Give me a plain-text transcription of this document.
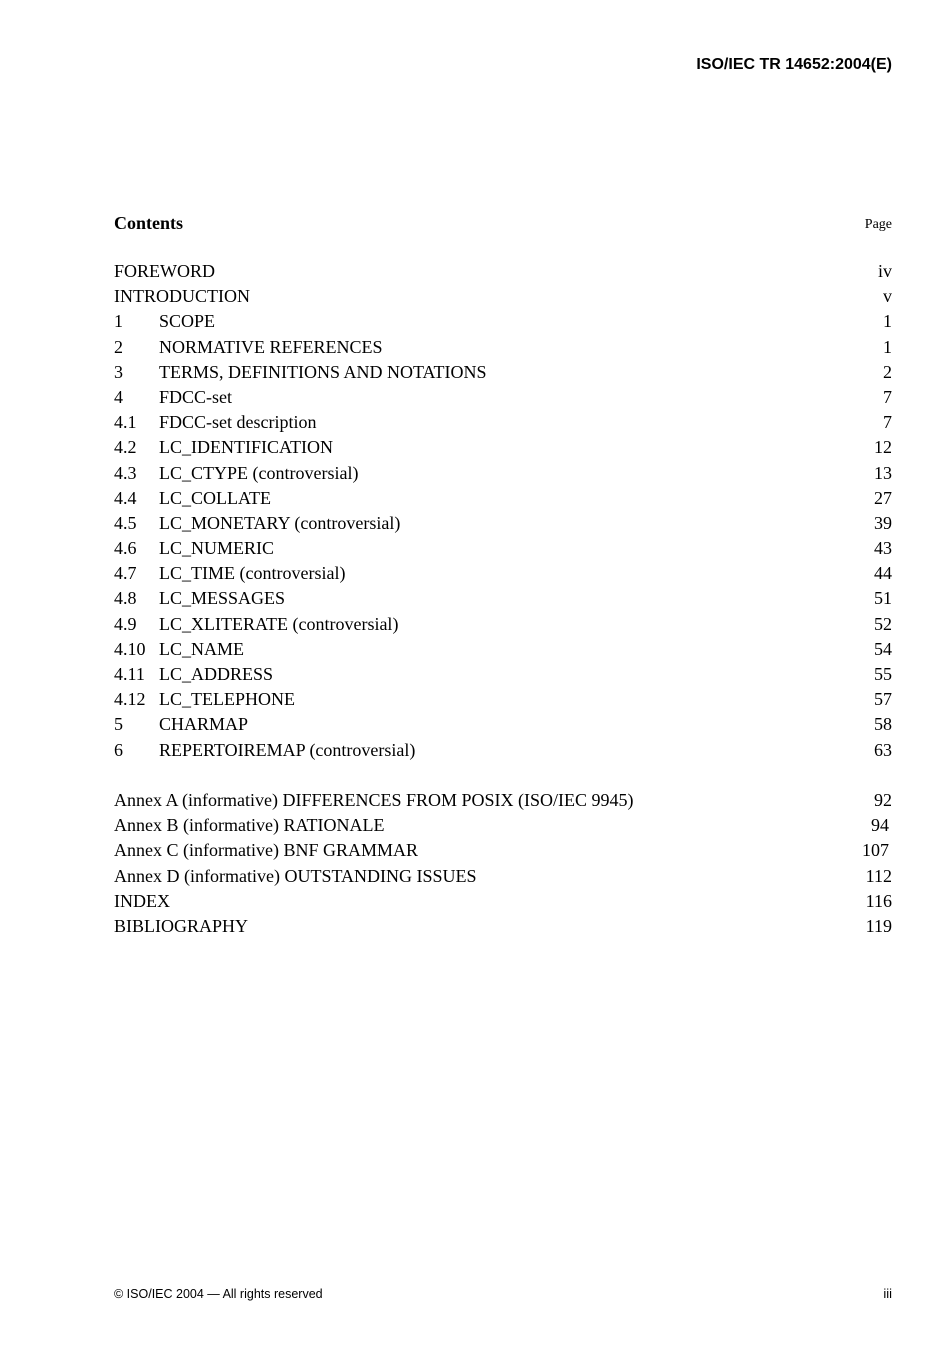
ISO/IEC TR 14652:2004(E)
Contents	Page
FOREWORD	iv
INTRODUCTION	v
1 SCOPE	1
2 NORMATIVE REFERENCES	1
3 TERMS, DEFINITIONS AND NOTATIONS	2
4 FDCC-set	7
4.1 FDCC-set description	7
4.2 LC_IDENTIFICATION	12
4.3 LC_CTYPE (controversial)	13
4.4 LC_COLLATE	27
4.5 LC_MONETARY (controversial)	39
4.6 LC_NUMERIC	43
4.7 LC_TIME (controversial)	44
4.8 LC_MESSAGES	51
4.9 LC_XLITERATE (controversial)	52
4.10 LC_NAME	54
4.11 LC_ADDRESS	55
4.12 LC_TELEPHONE	57
5 CHARMAP	58
6 REPERTOIREMAP (controversial)	63
Annex A (informative) DIFFERENCES FROM POSIX (ISO/IEC 9945)	92
Annex B (informative) RATIONALE	94
Annex C (informative) BNF GRAMMAR	107
Annex D (informative) OUTSTANDING ISSUES	112
INDEX	116
BIBLIOGRAPHY	119
© ISO/IEC 2004 — All rights reserved	iii
